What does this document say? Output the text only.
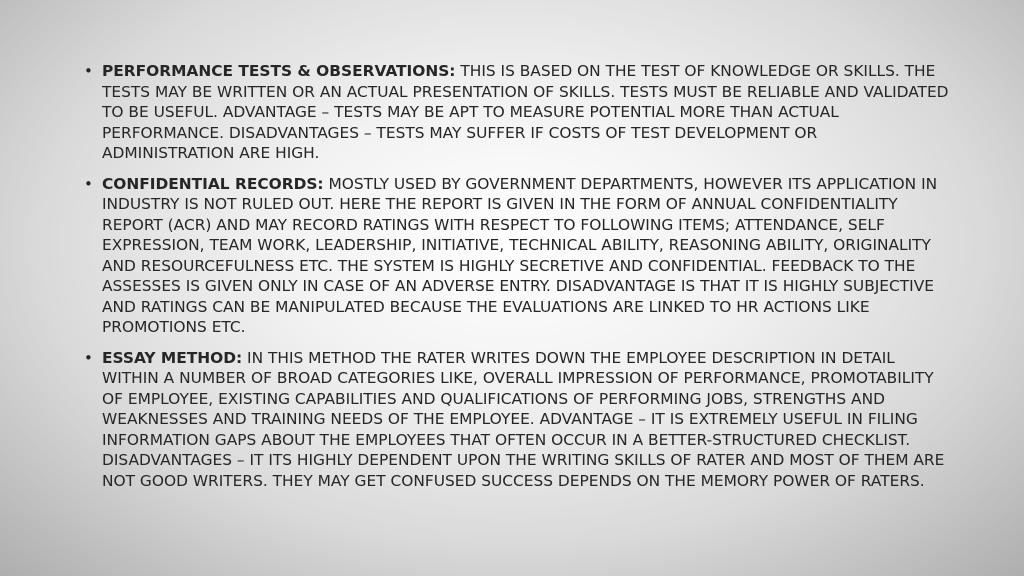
• PERFORMANCE TESTS & OBSERVATIONS: THIS IS BASED ON THE TEST OF KNOWLEDGE OR SKILLS. THE TESTS MAY BE WRITTEN OR AN ACTUAL PRESENTATION OF SKILLS. TESTS MUST BE RELIABLE AND VALIDATED TO BE USEFUL. ADVANTAGE – TESTS MAY BE APT TO MEASURE POTENTIAL MORE THAN ACTUAL PERFORMANCE. DISADVANTAGES – TESTS MAY SUFFER IF COSTS OF TEST DEVELOPMENT OR ADMINISTRATION ARE HIGH.
• CONFIDENTIAL RECORDS: MOSTLY USED BY GOVERNMENT DEPARTMENTS, HOWEVER ITS APPLICATION IN INDUSTRY IS NOT RULED OUT. HERE THE REPORT IS GIVEN IN THE FORM OF ANNUAL CONFIDENTIALITY REPORT (ACR) AND MAY RECORD RATINGS WITH RESPECT TO FOLLOWING ITEMS; ATTENDANCE, SELF EXPRESSION, TEAM WORK, LEADERSHIP, INITIATIVE, TECHNICAL ABILITY, REASONING ABILITY, ORIGINALITY AND RESOURCEFULNESS ETC. THE SYSTEM IS HIGHLY SECRETIVE AND CONFIDENTIAL. FEEDBACK TO THE ASSESSES IS GIVEN ONLY IN CASE OF AN ADVERSE ENTRY. DISADVANTAGE IS THAT IT IS HIGHLY SUBJECTIVE AND RATINGS CAN BE MANIPULATED BECAUSE THE EVALUATIONS ARE LINKED TO HR ACTIONS LIKE PROMOTIONS ETC.
• ESSAY METHOD: IN THIS METHOD THE RATER WRITES DOWN THE EMPLOYEE DESCRIPTION IN DETAIL WITHIN A NUMBER OF BROAD CATEGORIES LIKE, OVERALL IMPRESSION OF PERFORMANCE, PROMOTABILITY OF EMPLOYEE, EXISTING CAPABILITIES AND QUALIFICATIONS OF PERFORMING JOBS, STRENGTHS AND WEAKNESSES AND TRAINING NEEDS OF THE EMPLOYEE. ADVANTAGE – IT IS EXTREMELY USEFUL IN FILING INFORMATION GAPS ABOUT THE EMPLOYEES THAT OFTEN OCCUR IN A BETTER-STRUCTURED CHECKLIST. DISADVANTAGES – IT ITS HIGHLY DEPENDENT UPON THE WRITING SKILLS OF RATER AND MOST OF THEM ARE NOT GOOD WRITERS. THEY MAY GET CONFUSED SUCCESS DEPENDS ON THE MEMORY POWER OF RATERS.
